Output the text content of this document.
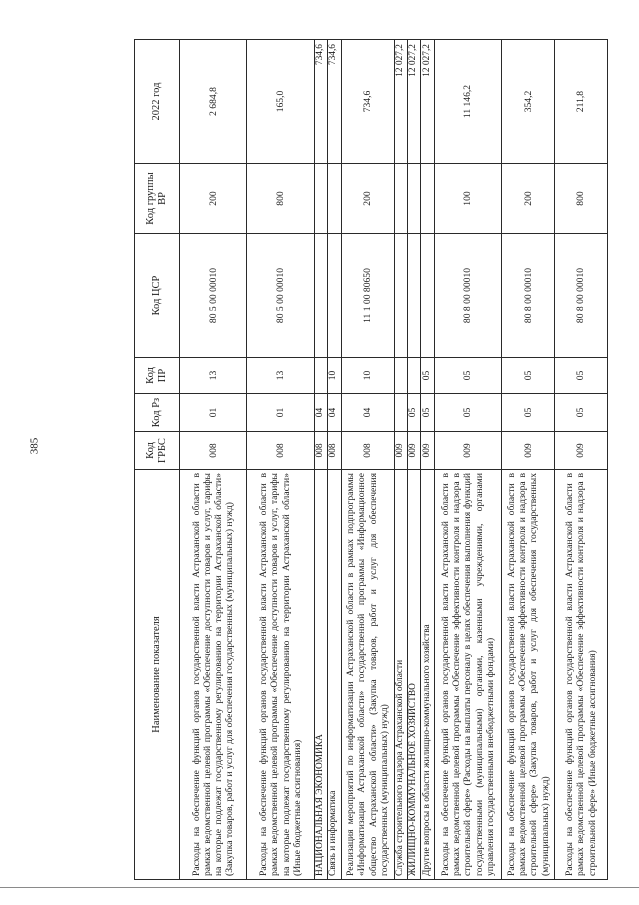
385
Наименование показателя	Код ГРБС	Код Рз	Код ПР	Код ЦСР	Код группы ВР	2022 год
Расходы на обеспечение функций органов государственной власти Астраханской области в рамках ведомственной целевой программы «Обеспечение доступности товаров и услуг, тарифы на которые подлежат государственному регулированию на территории Астраханской области» (Закупка товаров, работ и услуг для обеспечения государственных (муниципальных) нужд)	008	01	13	80 5 00 00010	200	2 684,8
Расходы на обеспечение функций органов государственной власти Астраханской области в рамках ведомственной целевой программы «Обеспечение доступности товаров и услуг, тарифы на которые подлежат государственному регулированию на территории Астраханской области» (Иные бюджетные ассигнования)	008	01	13	80 5 00 00010	800	165,0
НАЦИОНАЛЬНАЯ ЭКОНОМИКА	008	04				734,6
Связь и информатика	008	04	10			734,6
Реализация мероприятий по информатизации Астраханской области в рамках подпрограммы «Информатизация Астраханской области» государственной программы «Информационное общество Астраханской области» (Закупка товаров, работ и услуг для обеспечения государственных (муниципальных) нужд)	008	04	10	11 1 00 80650	200	734,6
Служба строительного надзора Астраханской области	009					12 027,2
ЖИЛИЩНО-КОММУНАЛЬНОЕ ХОЗЯЙСТВО	009	05				12 027,2
Другие вопросы в области жилищно-коммунального хозяйства	009	05	05			12 027,2
Расходы на обеспечение функций органов государственной власти Астраханской области в рамках ведомственной целевой программы «Обеспечение эффективности контроля и надзора в строительной сфере» (Расходы на выплаты персоналу в целях обеспечения выполнения функций государственными (муниципальными) органами, казенными учреждениями, органами управления государственными внебюджетными фондами)	009	05	05	80 8 00 00010	100	11 146,2
Расходы на обеспечение функций органов государственной власти Астраханской области в рамках ведомственной целевой программы «Обеспечение эффективности контроля и надзора в строительной сфере» (Закупка товаров, работ и услуг для обеспечения государственных (муниципальных) нужд)	009	05	05	80 8 00 00010	200	354,2
Расходы на обеспечение функций органов государственной власти Астраханской области в рамках ведомственной целевой программы «Обеспечение эффективности контроля и надзора в строительной сфере» (Иные бюджетные ассигнования)	009	05	05	80 8 00 00010	800	211,8
